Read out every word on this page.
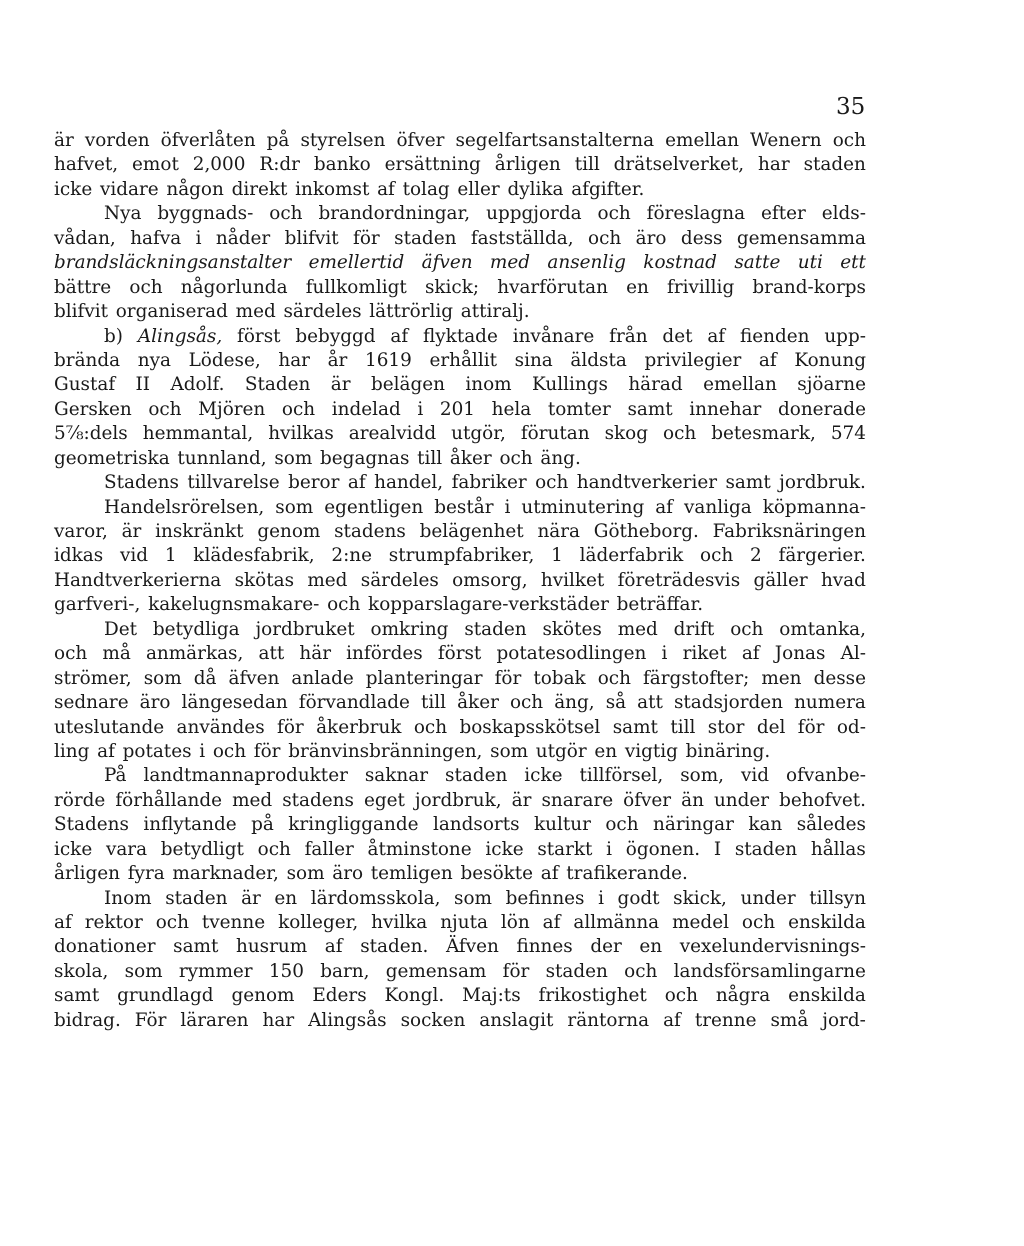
35
är vorden öfverlåten på styrelsen öfver segelfartsanstalterna emellan Wenern och
hafvet, emot 2,000 R:dr banko ersättning årligen till drätselverket, har staden
icke vidare någon direkt inkomst af tolag eller dylika afgifter.
Nya byggnads- och brandordningar, uppgjorda och föreslagna efter elds-
vådan, hafva i nåder blifvit för staden fastställda, och äro dess gemensamma
brandsläckningsanstalter emellertid äfven med ansenlig kostnad satte uti ett
bättre och någorlunda fullkomligt skick; hvarförutan en frivillig brand-korps
blifvit organiserad med särdeles lättrörlig attiralj.
b) Alingsås, först bebyggd af flyktade invånare från det af fienden upp-
brända nya Lödese, har år 1619 erhållit sina äldsta privilegier af Konung
Gustaf II Adolf. Staden är belägen inom Kullings härad emellan sjöarne
Gersken och Mjören och indelad i 201 hela tomter samt innehar donerade
5⅞:dels hemmantal, hvilkas arealvidd utgör, förutan skog och betesmark, 574
geometriska tunnland, som begagnas till åker och äng.
Stadens tillvarelse beror af handel, fabriker och handtverkerier samt jordbruk.
Handelsrörelsen, som egentligen består i utminutering af vanliga köpmanna-
varor, är inskränkt genom stadens belägenhet nära Götheborg. Fabriksnäringen
idkas vid 1 klädesfabrik, 2:ne strumpfabriker, 1 läderfabrik och 2 färgerier.
Handtverkerierna skötas med särdeles omsorg, hvilket företrädesvis gäller hvad
garfveri-, kakelugnsmakare- och kopparslagare-verkstäder beträffar.
Det betydliga jordbruket omkring staden skötes med drift och omtanka,
och må anmärkas, att här infördes först potatesodlingen i riket af Jonas Al-
strömer, som då äfven anlade planteringar för tobak och färgstofter; men desse
sednare äro längesedan förvandlade till åker och äng, så att stadsjorden numera
uteslutande användes för åkerbruk och boskapsskötsel samt till stor del för od-
ling af potates i och för bränvinsbränningen, som utgör en vigtig binäring.
På landtmannaprodukter saknar staden icke tillförsel, som, vid ofvanbe-
rörde förhållande med stadens eget jordbruk, är snarare öfver än under behofvet.
Stadens inflytande på kringliggande landsorts kultur och näringar kan således
icke vara betydligt och faller åtminstone icke starkt i ögonen. I staden hållas
årligen fyra marknader, som äro temligen besökte af trafikerande.
Inom staden är en lärdomsskola, som befinnes i godt skick, under tillsyn
af rektor och tvenne kolleger, hvilka njuta lön af allmänna medel och enskilda
donationer samt husrum af staden. Äfven finnes der en vexelundervisnings-
skola, som rymmer 150 barn, gemensam för staden och landsförsamlingarne
samt grundlagd genom Eders Kongl. Maj:ts frikostighet och några enskilda
bidrag. För läraren har Alingsås socken anslagit räntorna af trenne små jord-
